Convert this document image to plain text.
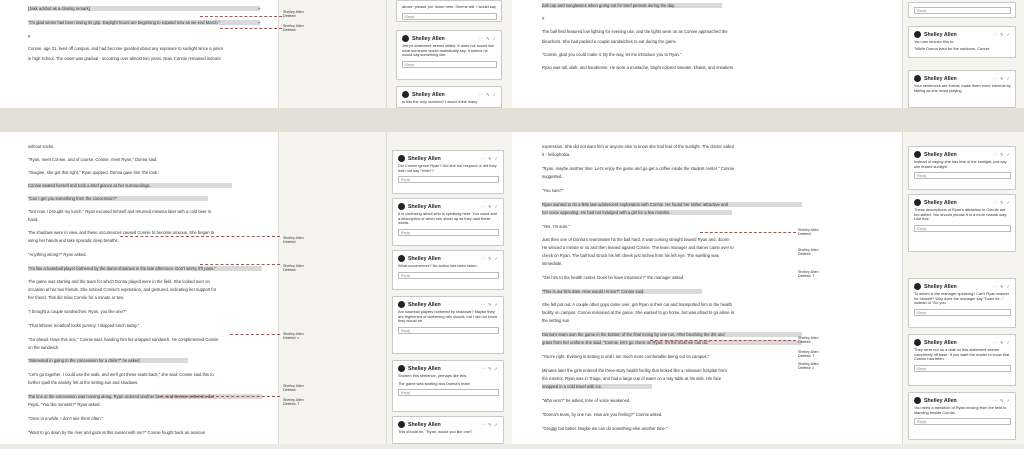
[Jakk ackbot as a closing remark]
"I'm glad winter has been losing its grip. Daylight hours are beginning to expand now as we end March."
#
Connie, age 21, lived off campus, and had become guarded about any exposure to sunlight since a junior
in high school. The onset was gradual - occurring over almost two years. Now, Connie remained indoors
⌐
⌐
Shelley Allen
Deleted:
Shelley Allen
Deleted:
ball cap and sunglasses when going out for brief periods during the day.
#
The ball field featured low lighting for evening use, and the lights were on as Connie approached the
bleachers. She had packed a couple sandwiches to eat during the game.
"Connie, glad you could make it. By the way, let me introduce you to Ryan."
Ryan was tall, dark, and handsome. He wore a mustache, bright colored sweater, khakis, and sneakers
without socks.
"Ryan, meet Connie, and of course, Connie, meet Ryan," Donna said.
"Imagine, she got that right," Ryan quipped. Donna gave him 'the look.'
Connie seated herself and took a brief glance at her surroundings.
"Can I get you something from the concession?"
"Not now. I brought my lunch." Ryan excused himself and returned minutes later with a cold beer in
hand.
The shadows were in view, and these occurrences caused Connie to become anxious. She began to
wring her hands and take sporadic deep breaths.
"Anything wrong?" Ryan asked.
"I'm like a baseball player bothered by the damn shadows in the late afternoon. Don't worry, it'll pass."
The game was starting and the team for which Donna played were in the field. She looked over on
occasion at her two friends. She noticed Connie's expression, and gestured, indicating her support for
her friend. This did relax Connie for a minute or two.
"I brought a couple sandwiches. Ryan, you like one?"
"That leftover meatloaf looks yummy. I skipped lunch today."
"Go ahead. Have this one," Connie said, handing him his wrapped sandwich. He complimented Connie
on the sandwich.
"Interested in going to the concession for a drink?" he asked.
"Let's go together. I could use the walk, and we'll get these seats back," she said. Connie said this to
further quell the anxiety felt at the setting sun and shadows.
The line at the concession was moving along. Ryan ordered another beer, and Connie ordered a diet
Pepsi. "You like sunsets?" Ryan asked.
"Once in a while. I don't see them often."
"Want to go down by the river and gaze at this sunset with me?" Connie fought back an anxious
Shelley Allen
Deleted:
Shelley Allen
Deleted:
Shelley Allen
Deleted: c
Shelley Allen
Deleted:
Shelley Allen
Deleted: T
expression. She did not want him or anyone else to know she had fear of the sunlight. The doctor called
it - heliophobia.
"Ryan, maybe another time. Let's enjoy the game and go get a coffee inside the student center," Connie
suggested.
"You sure?"
Ryan wanted to do a little late adolescent exploration with Connie. He found her rather attractive and
her voice appealing. He had not indulged with a girl for a few months.
"Yes, I'm sure."
Just then one of Donna's teammates hit the ball hard. It was coming straight toward Ryan and, doom!
He winced a minute or so and then leaned against Connie. The team manager and trainer came over to
check on Ryan. The ball had struck his left cheek just inches from his left eye. The swelling was
immediate.
"Get him to the health center. Does he have insurance?" the manager asked.
"This is our first date. How would I know?" Connie said.
She felt put out. A couple other guys came over, got Ryan in their car and transported him to the health
facility on campus. Connie remained at the game. She wanted to go home, but was afraid to go alone in
the setting sun.
Donna's team won the game in the bottom of the final inning by one run. After brushing the dirt and
grass from her uniform she said, "Connie, let's go check on Ryan. It's the least we can do."
"You're right. Evening is setting in and I am much more comfortable being out on campus."
Minutes later the girls entered the three-story health facility that looked like a miniature hospital from
the exterior. Ryan was in Triage, and had a large cup of water on a tray table at his side. His face
snapped in a cold towel with ice.
"Who won?" he asked, tone of voice weakened.
"Donna's team, by one run. How are you feeling?" Connie asked.
"Groggy but better. Maybe we can do something else another time."
Shelley Allen
Deleted:
Shelley Allen
Deleted:
Shelley Allen
Deleted: T
Shelley Allen
Deleted:
Shelley Allen
Deleted: T
Shelley Allen
Deleted: c
above; please 'pin' down here. Seems still. I would say
Reply
Shelley Allen	⋯ ✎ ✓
Jerry's statement seems stilted. It does not sound like what someone would realistically say. It seems he would say something like:
Reply
Shelley Allen	⋯ ✎ ✓
Is this the only reaction? I would think many
Shelley Allen	⋯ ✎ ✓
Did Connie ignore Ryan? Did she not respond or did they both not say "Hello"?
Reply
Shelley Allen	⋯ ✎ ✓
It is confusing about who is speaking here. You could add a description of when row stood up as they said these words.
Reply
Shelley Allen	⋯ ✎ ✓
What occurrences? No action has been taken.
Reply
Shelley Allen	⋯ ✎ ✓
Are baseball players bothered by shadows? Maybe they are frightened of darkening rain clouds, but I did not know they would be
Reply
Shelley Allen	⋯ ✎ ✓
Shorten this sentence, perhaps like this:
The game was starting and Donna's team
Reply
Shelley Allen	⋯ ✎ ✓
This should be, "Ryan, would you like one?
Reply
Shelley Allen	⋯ ✎ ✓
You can shorten this to:
"While Donna lived for the outdoors, Connie
Shelley Allen	⋯ ✎ ✓
Your sentences are formal; make them more informal by talking as she loved playing
Shelley Allen	⋯ ✎ ✓
Instead of saying she has fear of the sunlight, just say she feared sunlight.
Reply
Shelley Allen	⋯ ✎ ✓
These descriptions of Ryan's attraction to Connie are too stilted. You should phrase it in a more natural way. Like this:
Reply
Shelley Allen	⋯ ✎ ✓
To whom is the manager speaking? Can't Ryan answer for himself? Why does the manager say "Does he..." instead of "Do you
Reply
Shelley Allen	⋯ ✎ ✓
They were not on a date so this statement seems completely off base. If you want the reader to know that Connie had been
Reply
Shelley Allen	⋯ ✎ ✓
You need a transition of Ryan moving from the field to standing beside Connie.
Reply
